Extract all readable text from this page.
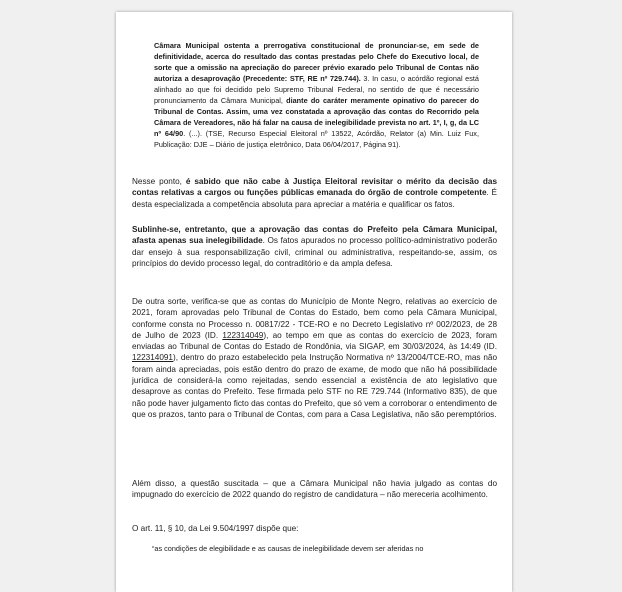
Câmara Municipal ostenta a prerrogativa constitucional de pronunciar-se, em sede de definitividade, acerca do resultado das contas prestadas pelo Chefe do Executivo local, de sorte que a omissão na apreciação do parecer prévio exarado pelo Tribunal de Contas não autoriza a desaprovação (Precedente: STF, RE nº 729.744). 3. In casu, o acórdão regional está alinhado ao que foi decidido pelo Supremo Tribunal Federal, no sentido de que é necessário pronunciamento da Câmara Municipal, diante do caráter meramente opinativo do parecer do Tribunal de Contas. Assim, uma vez constatada a aprovação das contas do Recorrido pela Câmara de Vereadores, não há falar na causa de inelegibilidade prevista no art. 1º, I, g, da LC nº 64/90. (...). (TSE, Recurso Especial Eleitoral nº 13522, Acórdão, Relator (a) Min. Luiz Fux, Publicação: DJE – Diário de justiça eletrônico, Data 06/04/2017, Página 91).
Nesse ponto, é sabido que não cabe à Justiça Eleitoral revisitar o mérito da decisão das contas relativas a cargos ou funções públicas emanada do órgão de controle competente. É desta especializada a competência absoluta para apreciar a matéria e qualificar os fatos.
Sublinhe-se, entretanto, que a aprovação das contas do Prefeito pela Câmara Municipal, afasta apenas sua inelegibilidade. Os fatos apurados no processo político-administrativo poderão dar ensejo à sua responsabilização civil, criminal ou administrativa, respeitando-se, assim, os princípios do devido processo legal, do contraditório e da ampla defesa.
De outra sorte, verifica-se que as contas do Município de Monte Negro, relativas ao exercício de 2021, foram aprovadas pelo Tribunal de Contas do Estado, bem como pela Câmara Municipal, conforme consta no Processo n. 00817/22 - TCE-RO e no Decreto Legislativo nº 002/2023, de 28 de Julho de 2023 (ID. 122314049), ao tempo em que as contas do exercício de 2023, foram enviadas ao Tribunal de Contas do Estado de Rondônia, via SIGAP, em 30/03/2024, às 14:49 (ID. 122314091), dentro do prazo estabelecido pela Instrução Normativa nº 13/2004/TCE-RO, mas não foram ainda apreciadas, pois estão dentro do prazo de exame, de modo que não há possibilidade jurídica de considerá-la como rejeitadas, sendo essencial a existência de ato legislativo que desaprove as contas do Prefeito. Tese firmada pelo STF no RE 729.744 (Informativo 835), de que não pode haver julgamento ficto das contas do Prefeito, que só vem a corroborar o entendimento de que os prazos, tanto para o Tribunal de Contas, com para a Casa Legislativa, não são peremptórios.
Além disso, a questão suscitada – que a Câmara Municipal não havia julgado as contas do impugnado do exercício de 2022 quando do registro de candidatura – não mereceria acolhimento.
O art. 11, § 10, da Lei 9.504/1997 dispõe que:
“as condições de elegibilidade e as causas de inelegibilidade devem ser aferidas no
